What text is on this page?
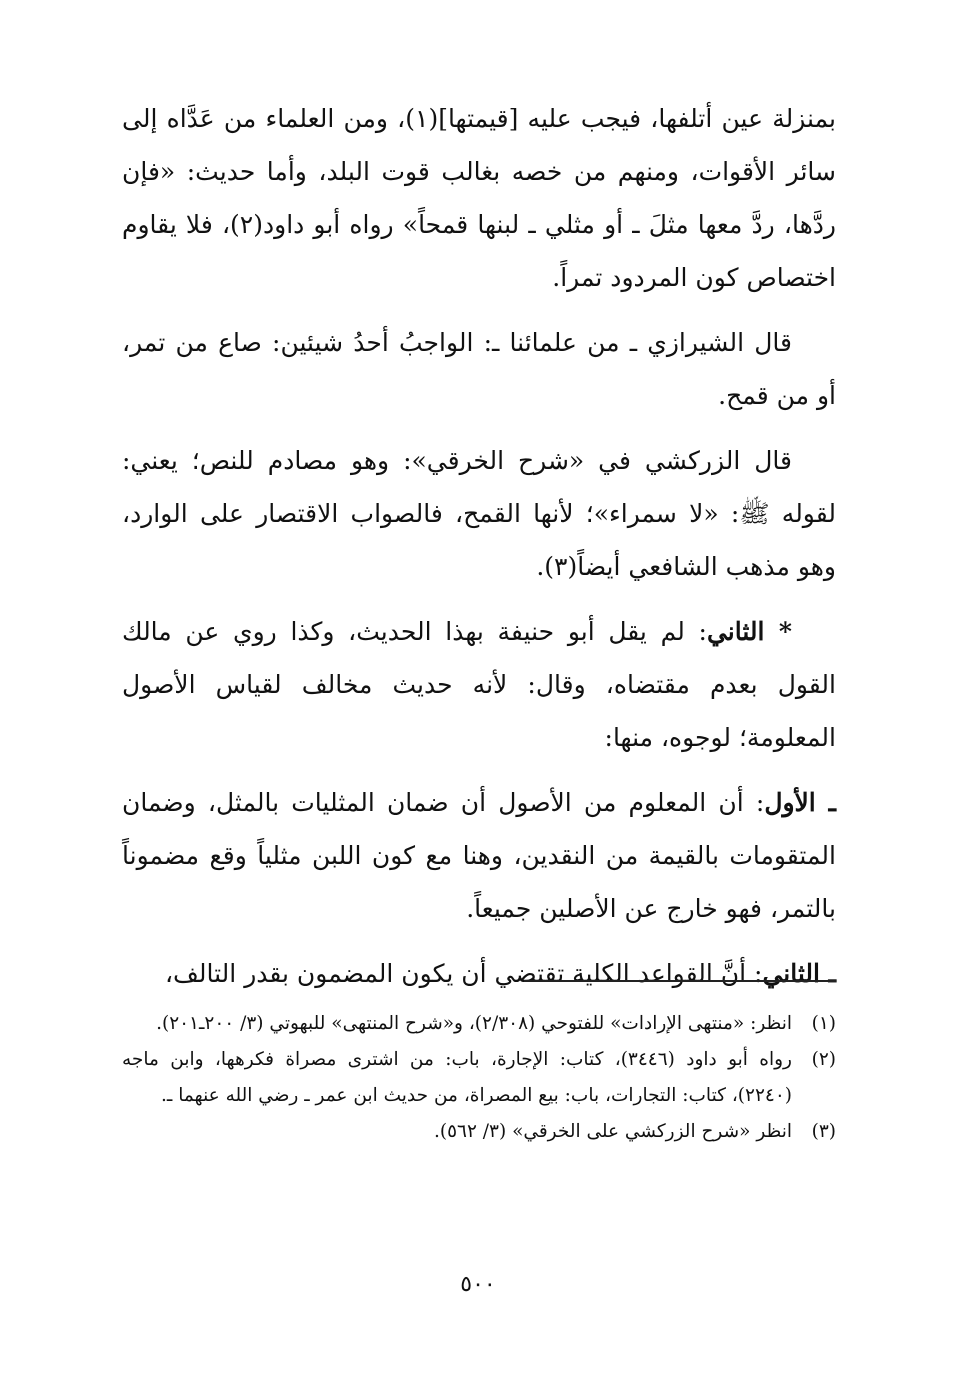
بمنزلة عين أتلفها، فيجب عليه [قيمتها](١)، ومن العلماء من عَدَّاه إلى سائر الأقوات، ومنهم من خصه بغالب قوت البلد، وأما حديث: «فإن ردَّها، ردَّ معها مثلَ ـ أو مثلي ـ لبنها قمحاً» رواه أبو داود(٢)، فلا يقاوم اختصاص كون المردود تمراً.

قال الشيرازي ـ من علمائنا ـ: الواجبُ أحدُ شيئين: صاع من تمر، أو من قمح.

قال الزركشي في «شرح الخرقي»: وهو مصادم للنص؛ يعني: لقوله ﷺ: «لا سمراء»؛ لأنها القمح، فالصواب الاقتصار على الوارد، وهو مذهب الشافعي أيضاً(٣).

* الثاني: لم يقل أبو حنيفة بهذا الحديث، وكذا روي عن مالك القول بعدم مقتضاه، وقال: لأنه حديث مخالف لقياس الأصول المعلومة؛ لوجوه، منها:

ـ الأول: أن المعلوم من الأصول أن ضمان المثليات بالمثل، وضمان المتقومات بالقيمة من النقدين، وهنا مع كون اللبن مثلياً وقع مضموناً بالتمر، فهو خارج عن الأصلين جميعاً.

ـ الثاني: أنَّ القواعد الكلية تقتضي أن يكون المضمون بقدر التالف،

(١)
انظر: «منتهى الإرادات» للفتوحي (٢/٣٠٨)، و«شرح المنتهى» للبهوتي (٣/ ٢٠٠ـ٢٠١).
(٢)
رواه أبو داود (٣٤٤٦)، كتاب: الإجارة، باب: من اشترى مصراة فكرهها، وابن ماجه (٢٢٤٠)، كتاب: التجارات، باب: بيع المصراة، من حديث ابن عمر ـ رضي الله عنهما ـ.
(٣)
انظر «شرح الزركشي على الخرقي» (٣/ ٥٦٢).
٥٠٠
